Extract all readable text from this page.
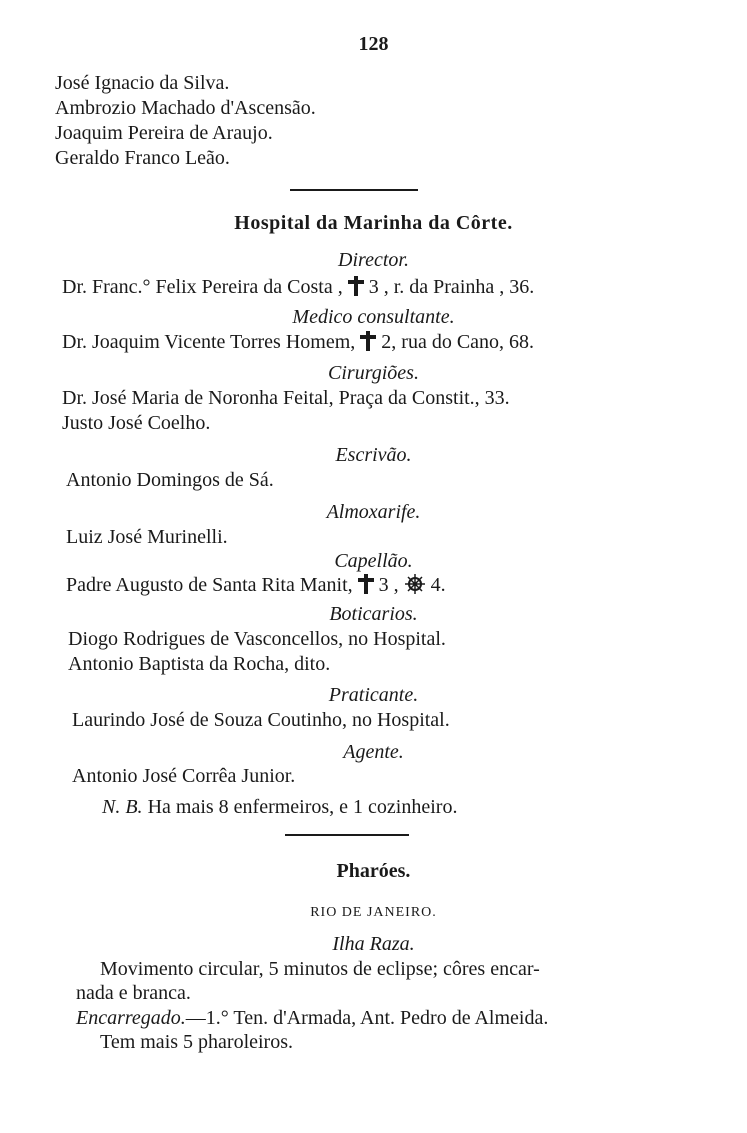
128
José Ignacio da Silva.
Ambrozio Machado d'Ascensão.
Joaquim Pereira de Araujo.
Geraldo Franco Leão.
Hospital da Marinha da Côrte.
Director.
Dr. Franc.° Felix Pereira da Costa , 3 , r. da Prainha , 36.
Medico consultante.
Dr. Joaquim Vicente Torres Homem, 2, rua do Cano, 68.
Cirurgiões.
Dr. José Maria de Noronha Feital, Praça da Constit., 33.
Justo José Coelho.
Escrivão.
Antonio Domingos de Sá.
Almoxarife.
Luiz José Murinelli.
Capellão.
Padre Augusto de Santa Rita Manit, 3 , 4.
Boticarios.
Diogo Rodrigues de Vasconcellos, no Hospital.
Antonio Baptista da Rocha, dito.
Praticante.
Laurindo José de Souza Coutinho, no Hospital.
Agente.
Antonio José Corrêa Junior.
N. B. Ha mais 8 enfermeiros, e 1 cozinheiro.
Pharóes.
RIO DE JANEIRO.
Ilha Raza.
Movimento circular, 5 minutos de eclipse; côres encar-
nada e branca.
Encarregado.—1.° Ten. d'Armada, Ant. Pedro de Almeida.
Tem mais 5 pharoleiros.
